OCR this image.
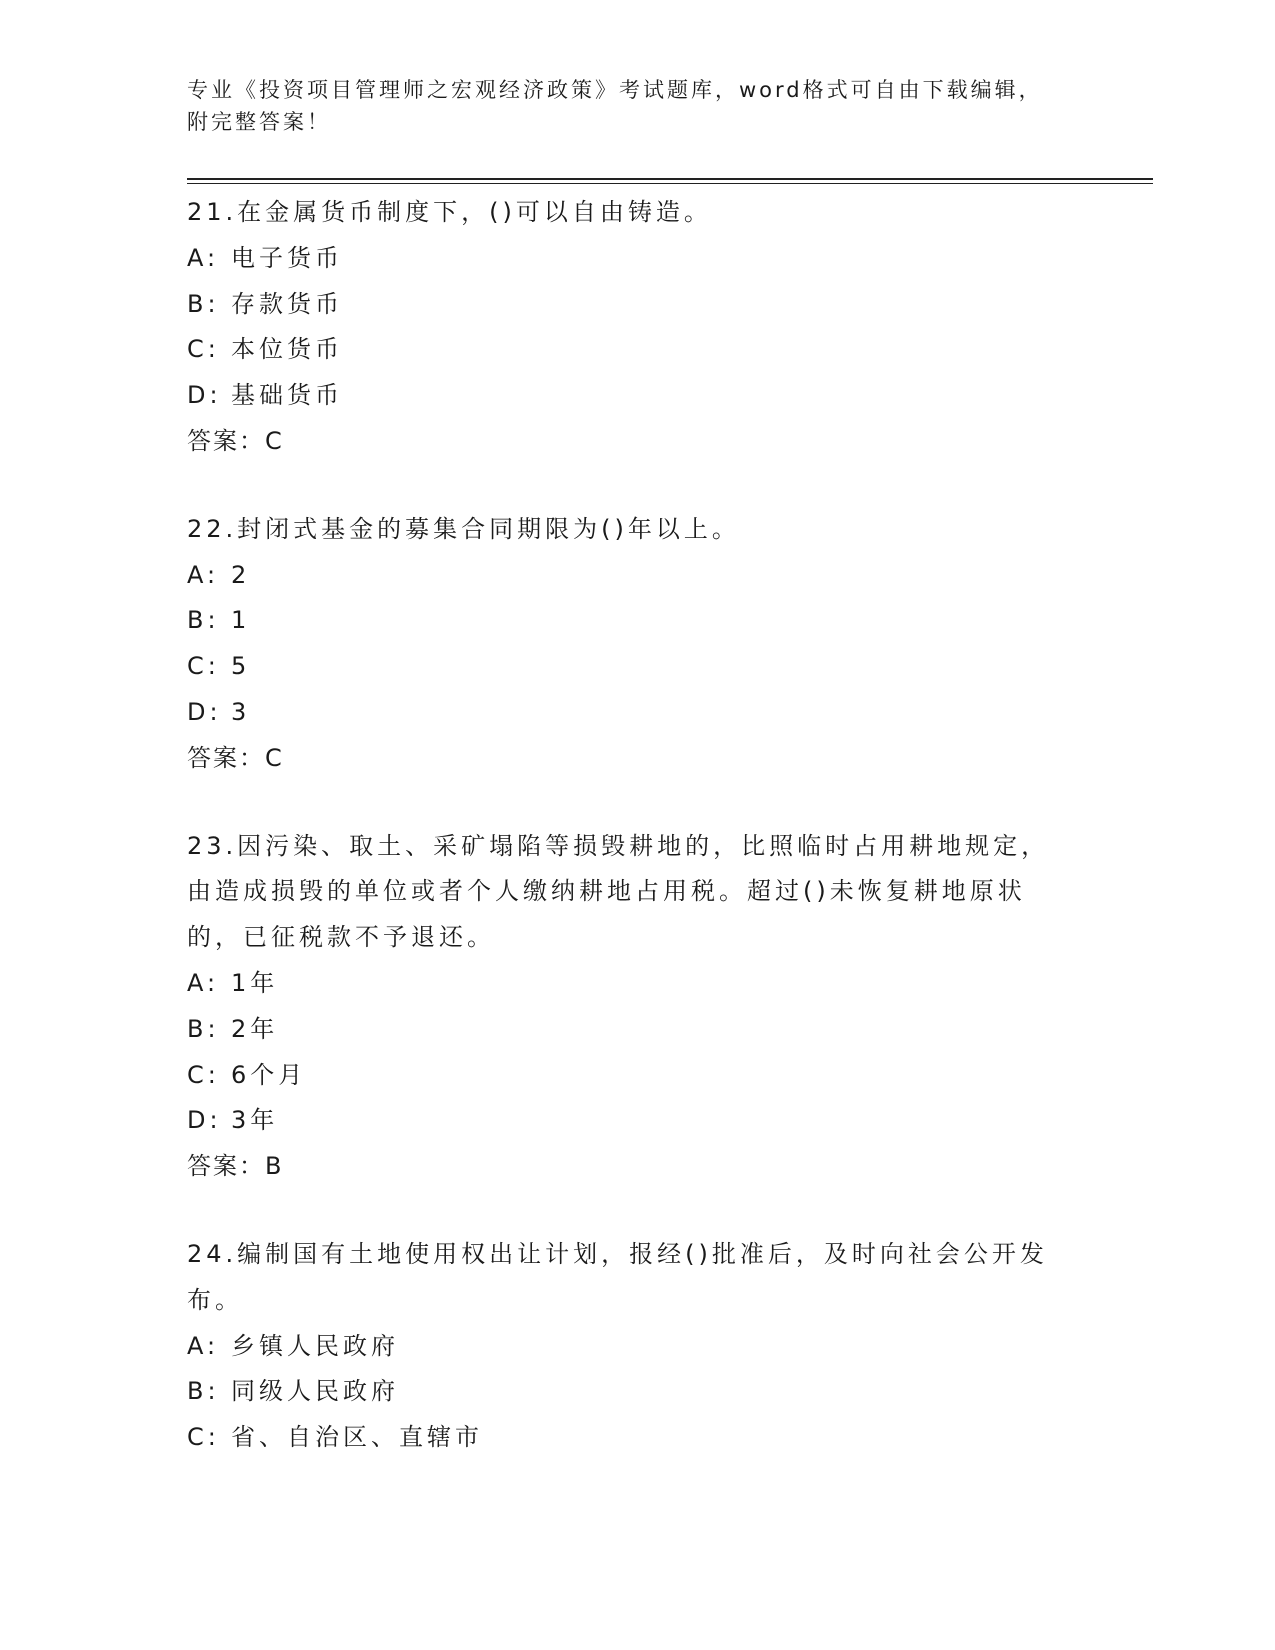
专业《投资项目管理师之宏观经济政策》考试题库，word格式可自由下载编辑，
附完整答案！
21.在金属货币制度下，()可以自由铸造。
A: 电子货币
B: 存款货币
C: 本位货币
D: 基础货币
答案：C
22.封闭式基金的募集合同期限为()年以上。
A: 2
B: 1
C: 5
D: 3
答案：C
23.因污染、取土、采矿塌陷等损毁耕地的，比照临时占用耕地规定，
由造成损毁的单位或者个人缴纳耕地占用税。超过()未恢复耕地原状
的，已征税款不予退还。
A: 1年
B: 2年
C: 6个月
D: 3年
答案：B
24.编制国有土地使用权出让计划，报经()批准后，及时向社会公开发
布。
A: 乡镇人民政府
B: 同级人民政府
C: 省、自治区、直辖市
